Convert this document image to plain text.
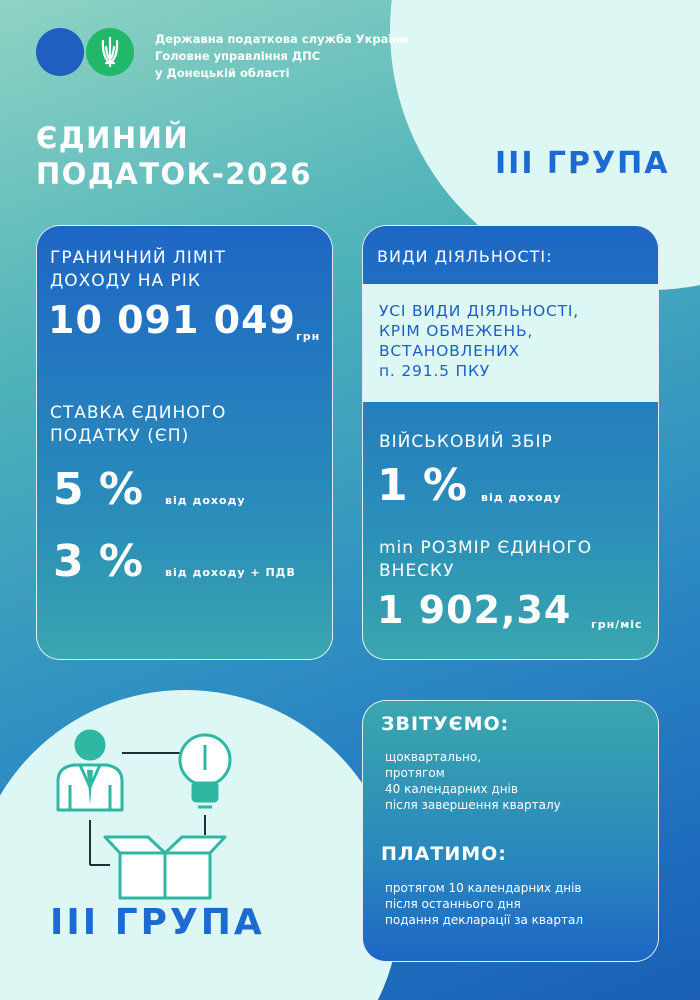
Державна податкова служба України
Головне управління ДПС
у Донецькій області
ЄДИНИЙ
ПОДАТОК-2026	ІІІ ГРУПА
ГРАНИЧНИЙ ЛІМІТ
ДОХОДУ НА РІК
10 091 049 грн
СТАВКА ЄДИНОГО
ПОДАТКУ (ЄП)
5 % від доходу
3 % від доходу + ПДВ
ВИДИ ДІЯЛЬНОСТІ:
УСІ ВИДИ ДІЯЛЬНОСТІ,
КРІМ ОБМЕЖЕНЬ,
ВСТАНОВЛЕНИХ
п. 291.5 ПКУ
ВІЙСЬКОВИЙ ЗБІР
1 % від доходу
min РОЗМІР ЄДИНОГО
ВНЕСКУ
1 902,34 грн/міс
ЗВІТУЄМО:
щоквартально,
протягом
40 календарних днів
після завершення кварталу
ПЛАТИМО:
протягом 10 календарних днів
після останнього дня
подання декларації за квартал
ІІІ ГРУПА
